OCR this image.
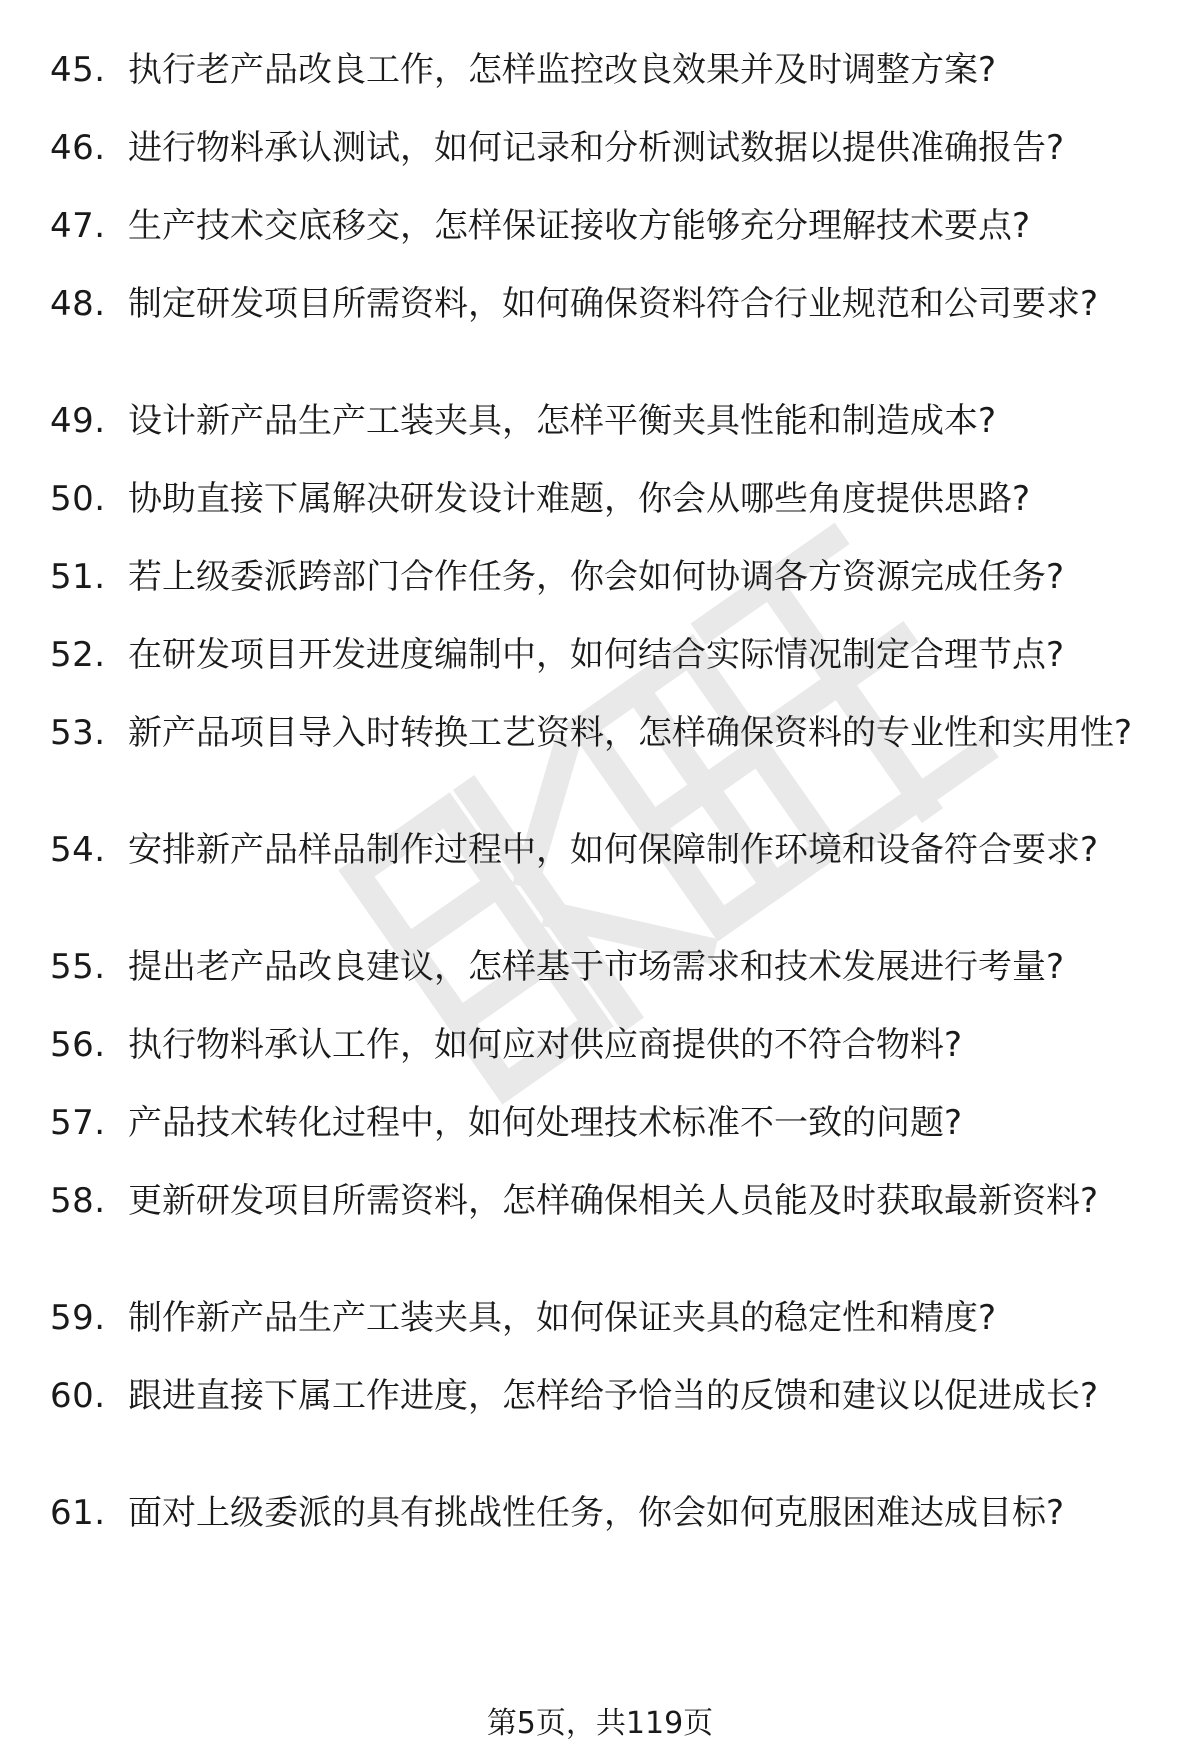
45. 执行老产品改良工作，怎样监控改良效果并及时调整方案?
46. 进行物料承认测试，如何记录和分析测试数据以提供准确报告?
47. 生产技术交底移交，怎样保证接收方能够充分理解技术要点?
48. 制定研发项目所需资料，如何确保资料符合行业规范和公司要求?
49. 设计新产品生产工装夹具，怎样平衡夹具性能和制造成本?
50. 协助直接下属解决研发设计难题，你会从哪些角度提供思路?
51. 若上级委派跨部门合作任务，你会如何协调各方资源完成任务?
52. 在研发项目开发进度编制中，如何结合实际情况制定合理节点?
53. 新产品项目导入时转换工艺资料，怎样确保资料的专业性和实用性?
54. 安排新产品样品制作过程中，如何保障制作环境和设备符合要求?
55. 提出老产品改良建议，怎样基于市场需求和技术发展进行考量?
56. 执行物料承认工作，如何应对供应商提供的不符合物料?
57. 产品技术转化过程中，如何处理技术标准不一致的问题?
58. 更新研发项目所需资料，怎样确保相关人员能及时获取最新资料?
59. 制作新产品生产工装夹具，如何保证夹具的稳定性和精度?
60. 跟进直接下属工作进度，怎样给予恰当的反馈和建议以促进成长?
61. 面对上级委派的具有挑战性任务，你会如何克服困难达成目标?
第5页，共119页
